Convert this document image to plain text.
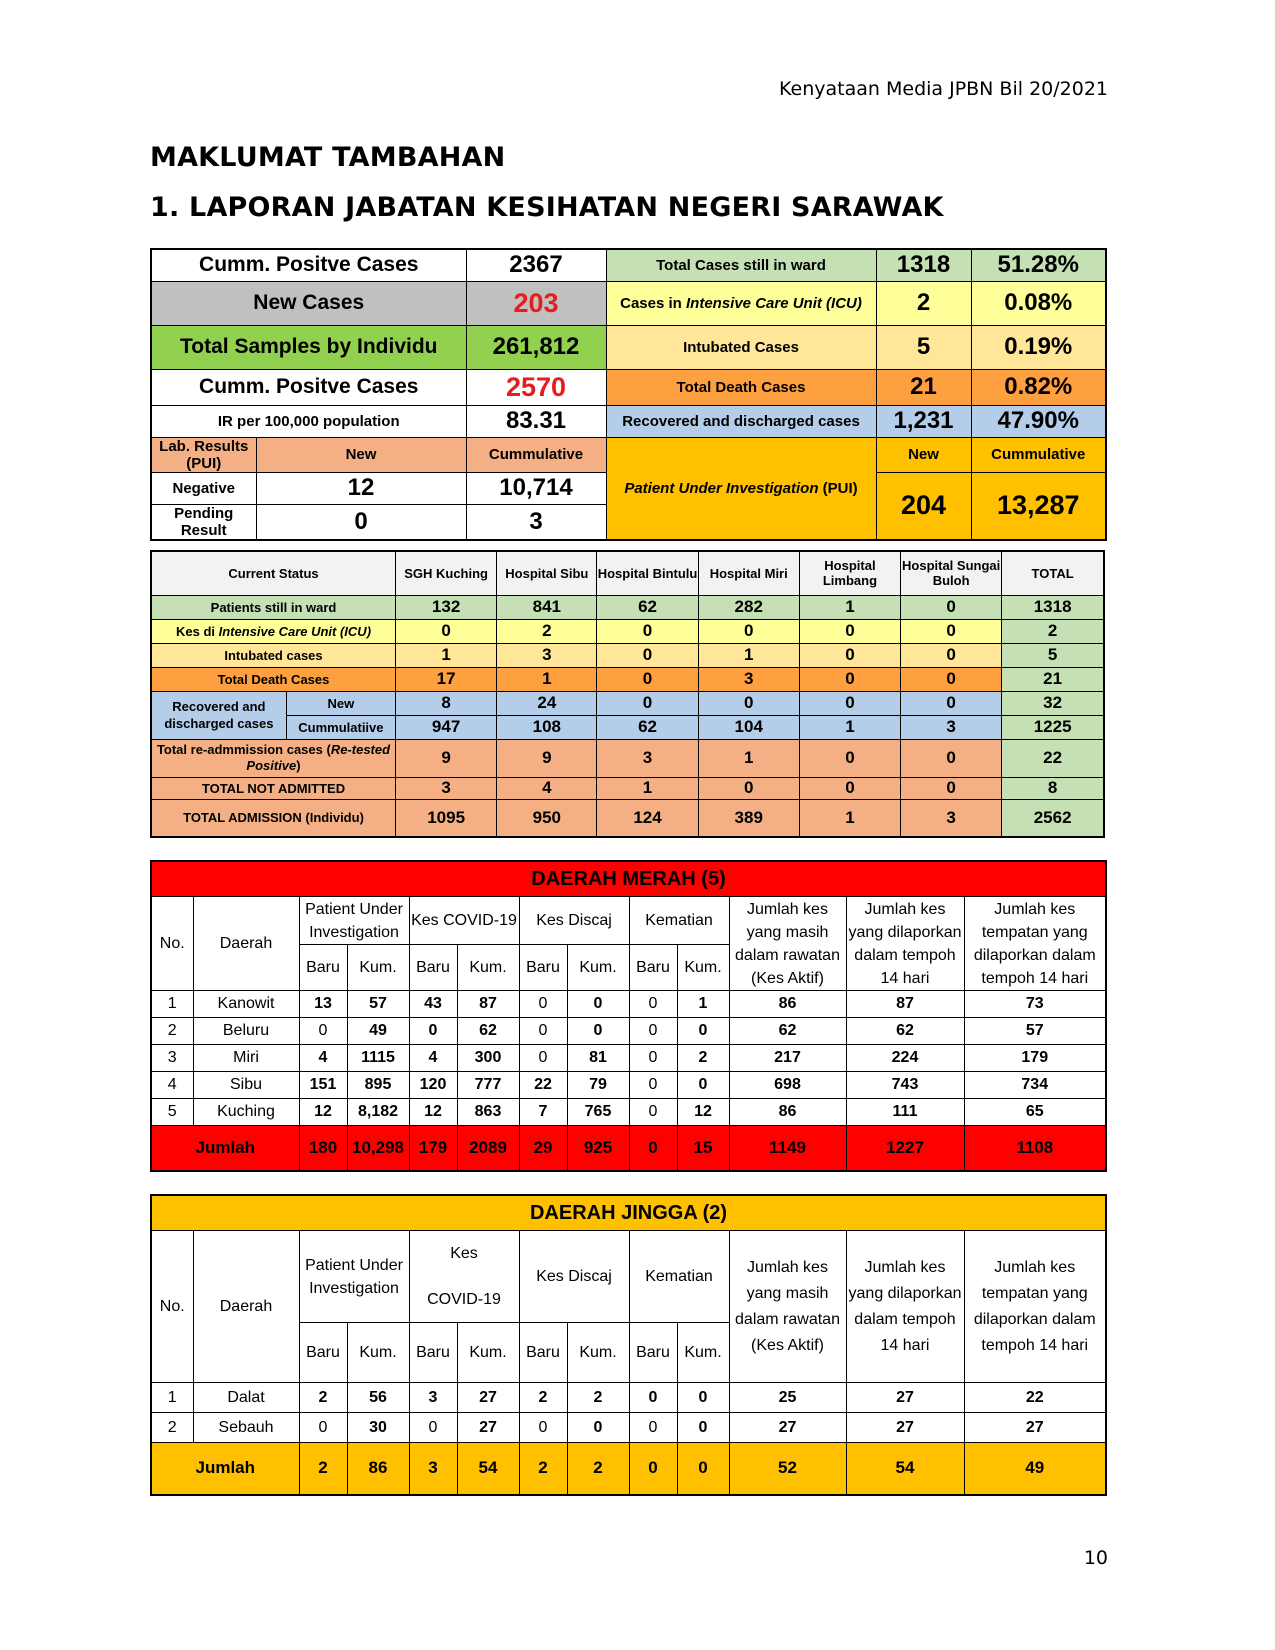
Kenyataan Media JPBN Bil 20/2021
MAKLUMAT TAMBAHAN
1. LAPORAN JABATAN KESIHATAN NEGERI SARAWAK
Cumm. Positve Cases		2367	Total Cases still in ward	1318	51.28%
New Cases		203	Cases in Intensive Care Unit (ICU)	2	0.08%
Total Samples by Individu		261,812	Intubated Cases	5	0.19%
Cumm. Positve Cases		2570	Total Death Cases	21	0.82%
IR per 100,000 population		83.31	Recovered and discharged cases	1,231	47.90%
Lab. Results (PUI)	New	Cummulative	Patient Under Investigation (PUI)	New	Cummulative
Negative	12	10,714		204	13,287
Pending Result	0	3			
Current Status		SGH Kuching	Hospital Sibu	Hospital Bintulu	Hospital Miri	Hospital Limbang	Hospital Sungai Buloh	TOTAL
Patients still in ward		132	841	62	282	1	0	1318
Kes di Intensive Care Unit (ICU)		0	2	0	0	0	0	2
Intubated cases		1	3	0	1	0	0	5
Total Death Cases		17	1	0	3	0	0	21
Recovered and discharged cases	New	8	24	0	0	0	0	32
	Cummulatiive	947	108	62	104	1	3	1225
Total re-admmission cases (Re-tested Positive)		9	9	3	1	0	0	22
TOTAL NOT ADMITTED		3	4	1	0	0	0	8
TOTAL ADMISSION (Individu)		1095	950	124	389	1	3	2562
DAERAH MERAH (5)												
No.	Daerah	Patient Under Investigation		Kes COVID-19		Kes Discaj		Kematian		Jumlah kes yang masih dalam rawatan (Kes Aktif)	Jumlah kes yang dilaporkan dalam tempoh 14 hari	Jumlah kes tempatan yang dilaporkan dalam tempoh 14 hari
		Baru	Kum.	Baru	Kum.	Baru	Kum.	Baru	Kum.			
1	Kanowit	13	57	43	87	0	0	0	1	86	87	73
2	Beluru	0	49	0	62	0	0	0	0	62	62	57
3	Miri	4	1115	4	300	0	81	0	2	217	224	179
4	Sibu	151	895	120	777	22	79	0	0	698	743	734
5	Kuching	12	8,182	12	863	7	765	0	12	86	111	65
Jumlah		180	10,298	179	2089	29	925	0	15	1149	1227	1108
DAERAH JINGGA (2)												
No.	Daerah	Patient Under Investigation		Kes

COVID-19		Kes Discaj		Kematian		Jumlah kes yang masih dalam rawatan (Kes Aktif)	Jumlah kes yang dilaporkan dalam tempoh 14 hari	Jumlah kes tempatan yang dilaporkan dalam tempoh 14 hari
		Baru	Kum.	Baru	Kum.	Baru	Kum.	Baru	Kum.			
1	Dalat	2	56	3	27	2	2	0	0	25	27	22
2	Sebauh	0	30	0	27	0	0	0	0	27	27	27
Jumlah		2	86	3	54	2	2	0	0	52	54	49
10
